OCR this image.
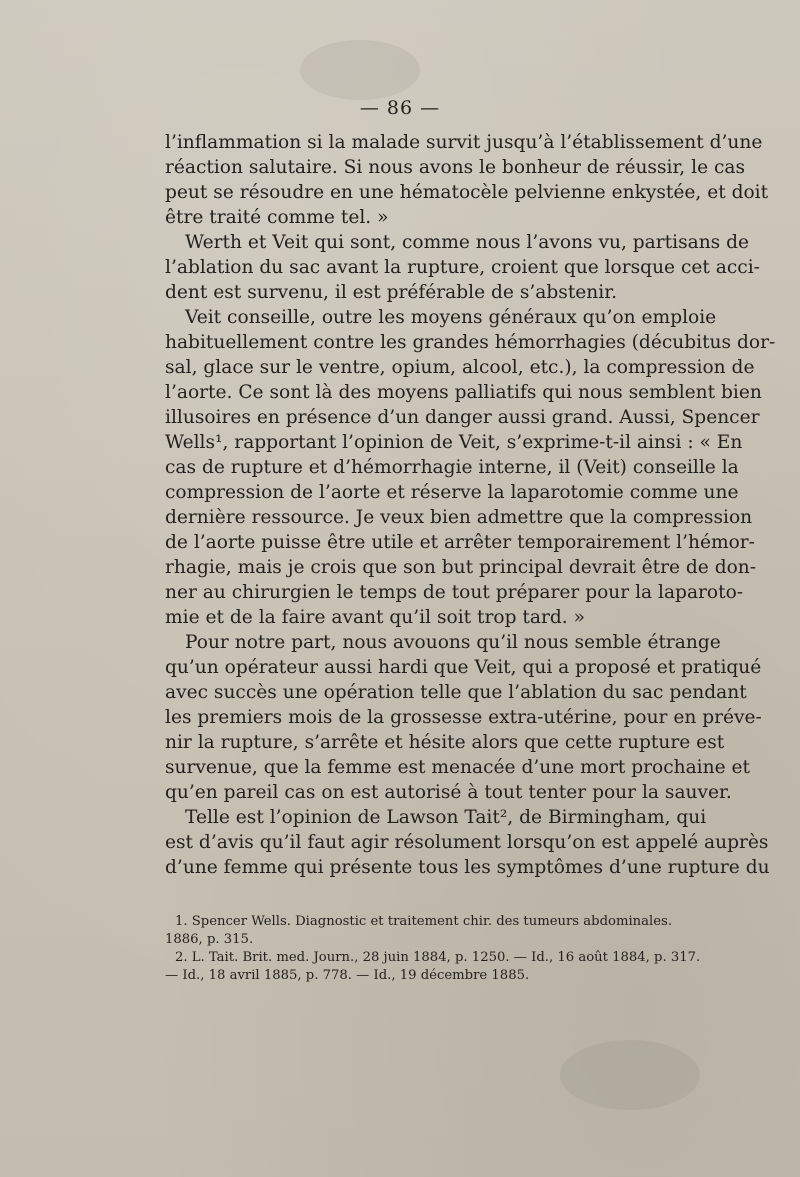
— 86 —

l’inflammation si la malade survit jusqu’à l’établissement d’une
réaction salutaire. Si nous avons le bonheur de réussir, le cas
peut se résoudre en une hématocèle pelvienne enkystée, et doit
être traité comme tel. »

Werth et Veit qui sont, comme nous l’avons vu, partisans de
l’ablation du sac avant la rupture, croient que lorsque cet acci-
dent est survenu, il est préférable de s’abstenir.

Veit conseille, outre les moyens généraux qu’on emploie
habituellement contre les grandes hémorrhagies (décubitus dor-
sal, glace sur le ventre, opium, alcool, etc.), la compression de
l’aorte. Ce sont là des moyens palliatifs qui nous semblent bien
illusoires en présence d’un danger aussi grand. Aussi, Spencer
Wells¹, rapportant l’opinion de Veit, s’exprime-t-il ainsi : « En
cas de rupture et d’hémorrhagie interne, il (Veit) conseille la
compression de l’aorte et réserve la laparotomie comme une
dernière ressource. Je veux bien admettre que la compression
de l’aorte puisse être utile et arrêter temporairement l’hémor-
rhagie, mais je crois que son but principal devrait être de don-
ner au chirurgien le temps de tout préparer pour la laparoto-
mie et de la faire avant qu’il soit trop tard. »

Pour notre part, nous avouons qu’il nous semble étrange
qu’un opérateur aussi hardi que Veit, qui a proposé et pratiqué
avec succès une opération telle que l’ablation du sac pendant
les premiers mois de la grossesse extra-utérine, pour en préve-
nir la rupture, s’arrête et hésite alors que cette rupture est
survenue, que la femme est menacée d’une mort prochaine et
qu’en pareil cas on est autorisé à tout tenter pour la sauver.

Telle est l’opinion de Lawson Tait², de Birmingham, qui
est d’avis qu’il faut agir résolument lorsqu’on est appelé auprès
d’une femme qui présente tous les symptômes d’une rupture du

1. Spencer Wells. Diagnostic et traitement chir. des tumeurs abdominales.
1886, p. 315.
2. L. Tait. Brit. med. Journ., 28 juin 1884, p. 1250. — Id., 16 août 1884, p. 317.
— Id., 18 avril 1885, p. 778. — Id., 19 décembre 1885.
